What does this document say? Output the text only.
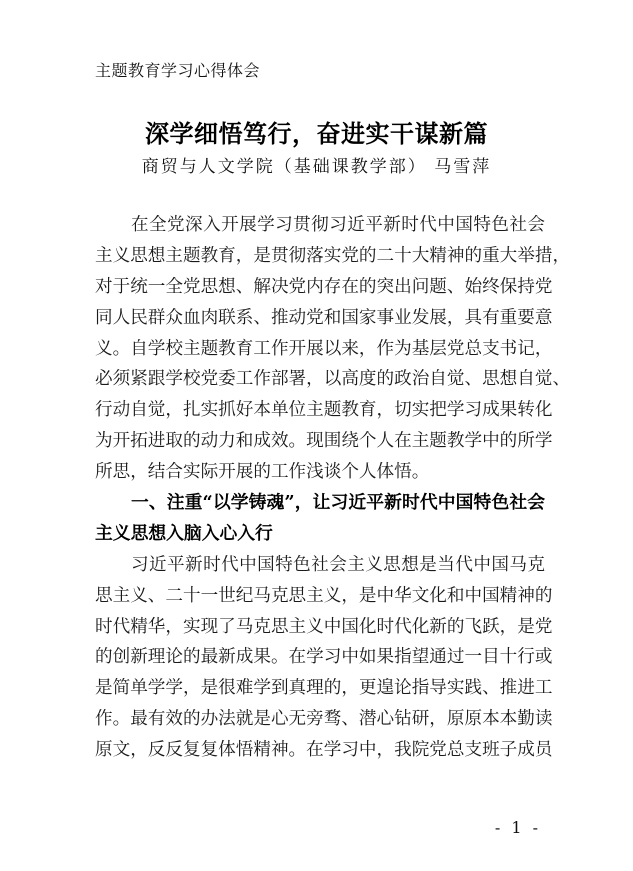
主题教育学习心得体会
深学细悟笃行，奋进实干谋新篇
商贸与人文学院（基础课教学部） 马雪萍
在全党深入开展学习贯彻习近平新时代中国特色社会
主义思想主题教育，是贯彻落实党的二十大精神的重大举措，
对于统一全党思想、解决党内存在的突出问题、始终保持党
同人民群众血肉联系、推动党和国家事业发展，具有重要意
义。自学校主题教育工作开展以来，作为基层党总支书记，
必须紧跟学校党委工作部署，以高度的政治自觉、思想自觉、
行动自觉，扎实抓好本单位主题教育，切实把学习成果转化
为开拓进取的动力和成效。现围绕个人在主题教学中的所学
所思，结合实际开展的工作浅谈个人体悟。
一、注重“以学铸魂”，让习近平新时代中国特色社会
主义思想入脑入心入行
习近平新时代中国特色社会主义思想是当代中国马克
思主义、二十一世纪马克思主义，是中华文化和中国精神的
时代精华，实现了马克思主义中国化时代化新的飞跃，是党
的创新理论的最新成果。在学习中如果指望通过一目十行或
是简单学学，是很难学到真理的，更遑论指导实践、推进工
作。最有效的办法就是心无旁骛、潜心钻研，原原本本勤读
原文，反反复复体悟精神。在学习中，我院党总支班子成员
- 1 -
